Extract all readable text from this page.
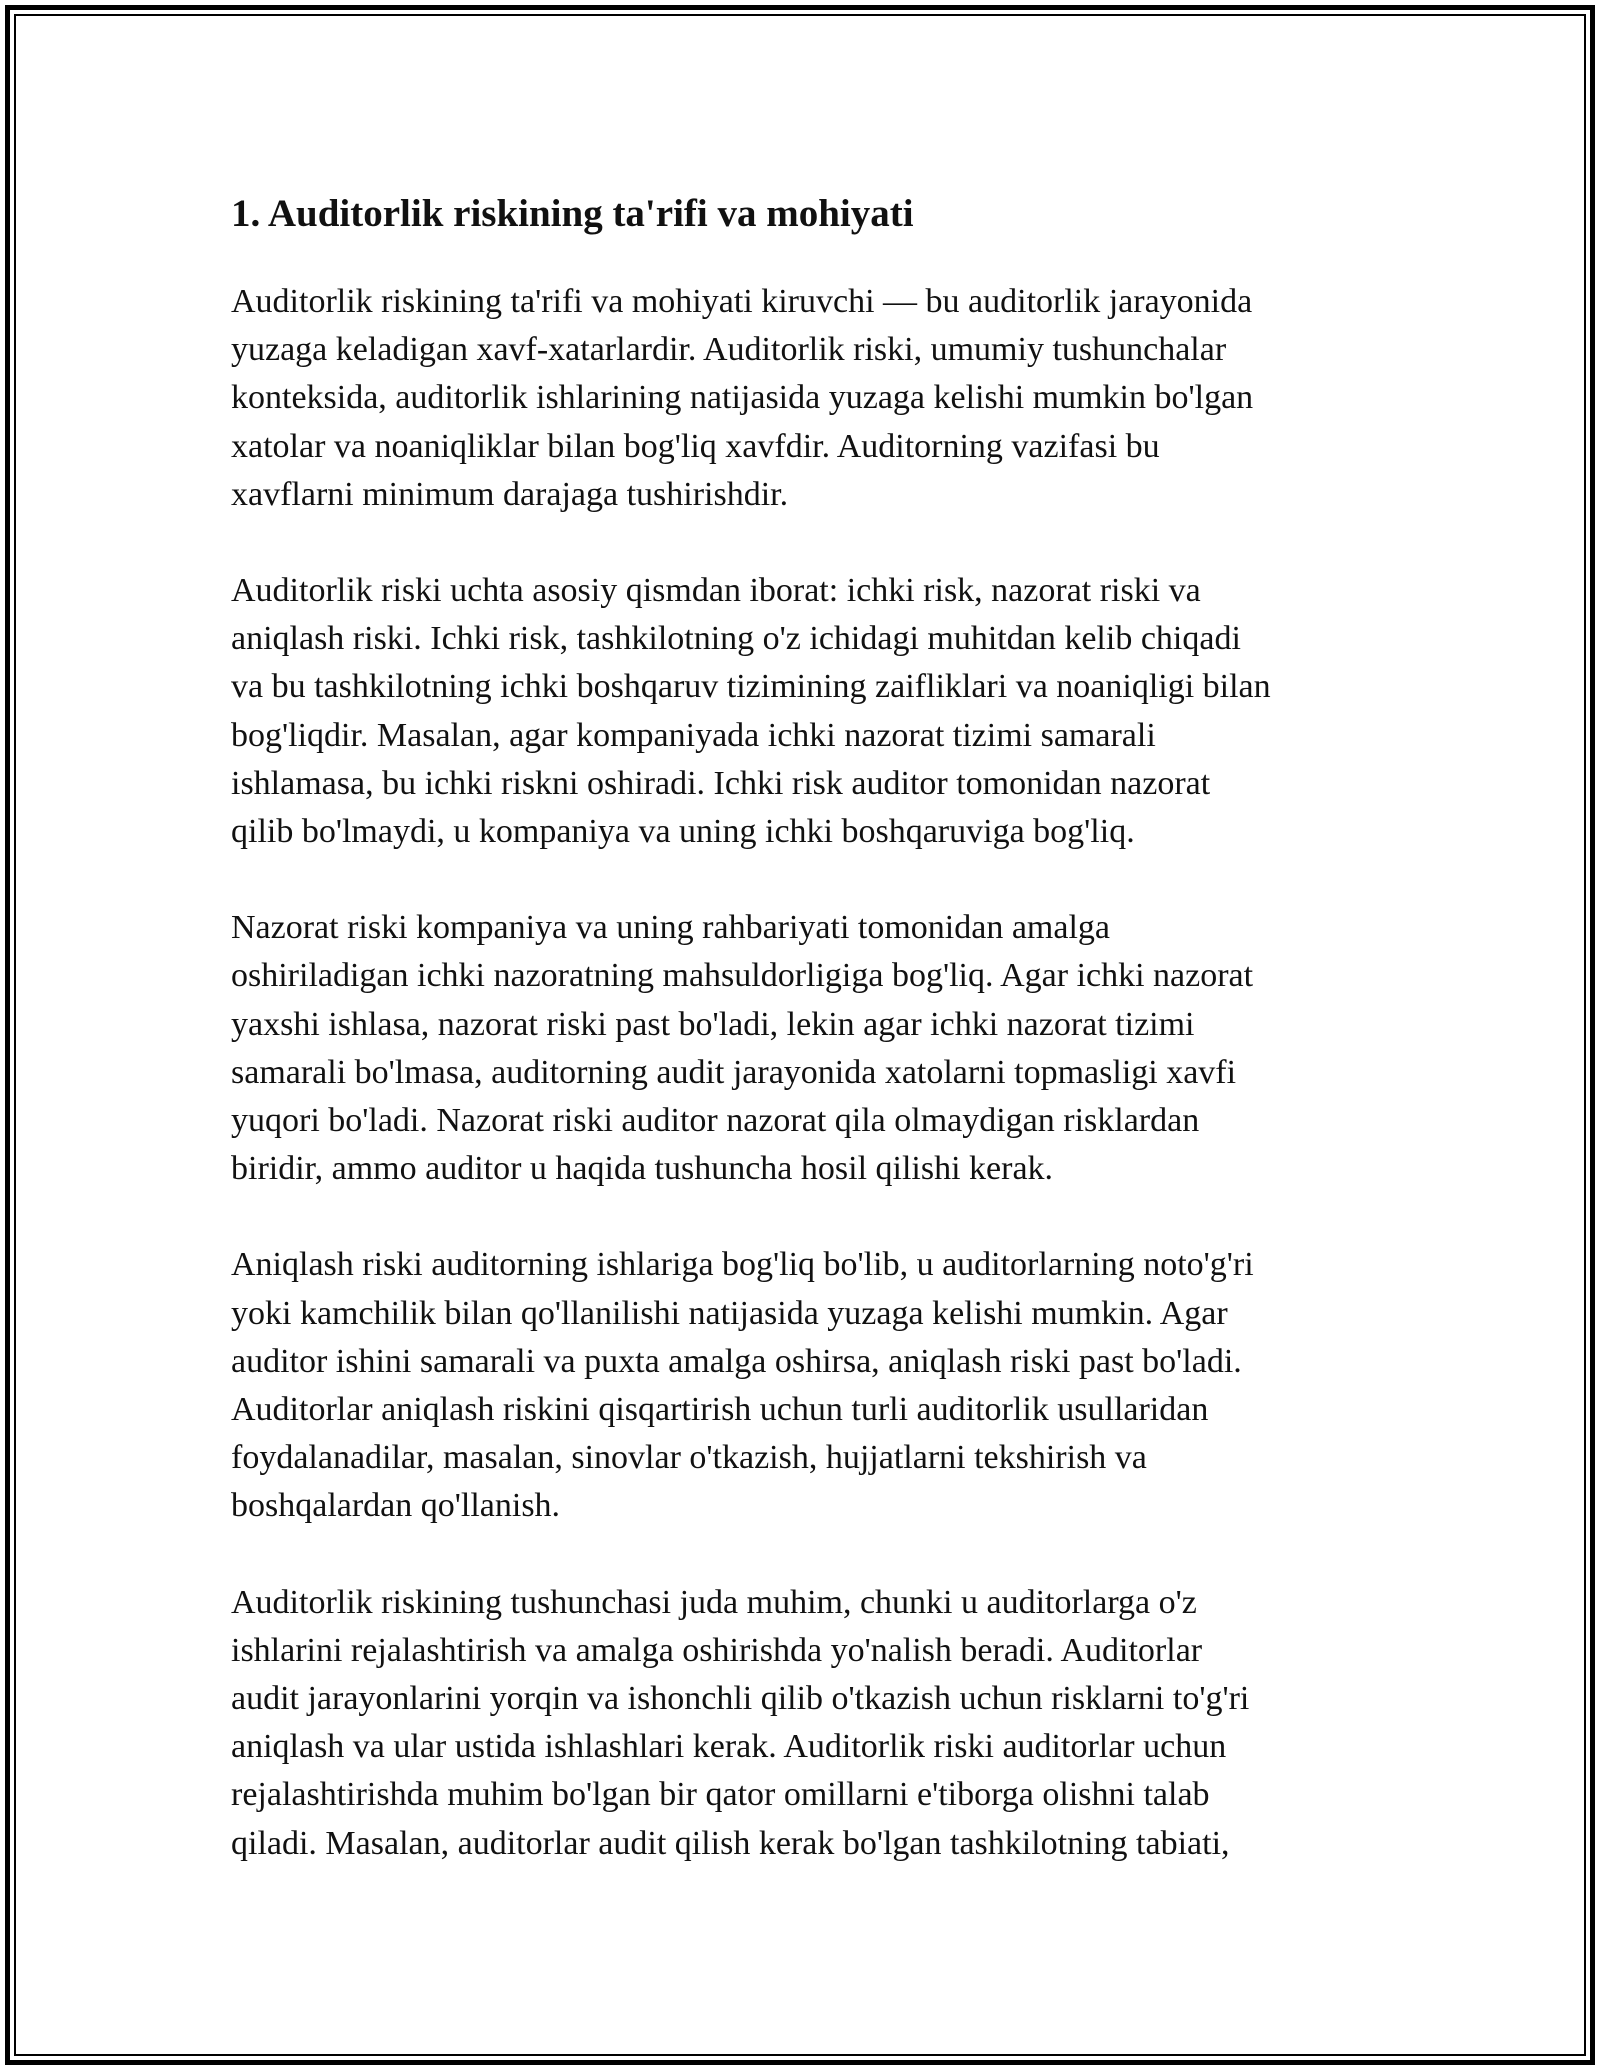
1. Auditorlik riskining ta'rifi va mohiyati

Auditorlik riskining ta'rifi va mohiyati kiruvchi — bu auditorlik jarayonida
yuzaga keladigan xavf-xatarlardir. Auditorlik riski, umumiy tushunchalar
konteksida, auditorlik ishlarining natijasida yuzaga kelishi mumkin bo'lgan
xatolar va noaniqliklar bilan bog'liq xavfdir. Auditorning vazifasi bu
xavflarni minimum darajaga tushirishdir.

Auditorlik riski uchta asosiy qismdan iborat: ichki risk, nazorat riski va
aniqlash riski. Ichki risk, tashkilotning o'z ichidagi muhitdan kelib chiqadi
va bu tashkilotning ichki boshqaruv tizimining zaifliklari va noaniqligi bilan
bog'liqdir. Masalan, agar kompaniyada ichki nazorat tizimi samarali
ishlamasa, bu ichki riskni oshiradi. Ichki risk auditor tomonidan nazorat
qilib bo'lmaydi, u kompaniya va uning ichki boshqaruviga bog'liq.

Nazorat riski kompaniya va uning rahbariyati tomonidan amalga
oshiriladigan ichki nazoratning mahsuldorligiga bog'liq. Agar ichki nazorat
yaxshi ishlasa, nazorat riski past bo'ladi, lekin agar ichki nazorat tizimi
samarali bo'lmasa, auditorning audit jarayonida xatolarni topmasligi xavfi
yuqori bo'ladi. Nazorat riski auditor nazorat qila olmaydigan risklardan
biridir, ammo auditor u haqida tushuncha hosil qilishi kerak.

Aniqlash riski auditorning ishlariga bog'liq bo'lib, u auditorlarning noto'g'ri
yoki kamchilik bilan qo'llanilishi natijasida yuzaga kelishi mumkin. Agar
auditor ishini samarali va puxta amalga oshirsa, aniqlash riski past bo'ladi.
Auditorlar aniqlash riskini qisqartirish uchun turli auditorlik usullaridan
foydalanadilar, masalan, sinovlar o'tkazish, hujjatlarni tekshirish va
boshqalardan qo'llanish.

Auditorlik riskining tushunchasi juda muhim, chunki u auditorlarga o'z
ishlarini rejalashtirish va amalga oshirishda yo'nalish beradi. Auditorlar
audit jarayonlarini yorqin va ishonchli qilib o'tkazish uchun risklarni to'g'ri
aniqlash va ular ustida ishlashlari kerak. Auditorlik riski auditorlar uchun
rejalashtirishda muhim bo'lgan bir qator omillarni e'tiborga olishni talab
qiladi. Masalan, auditorlar audit qilish kerak bo'lgan tashkilotning tabiati,
